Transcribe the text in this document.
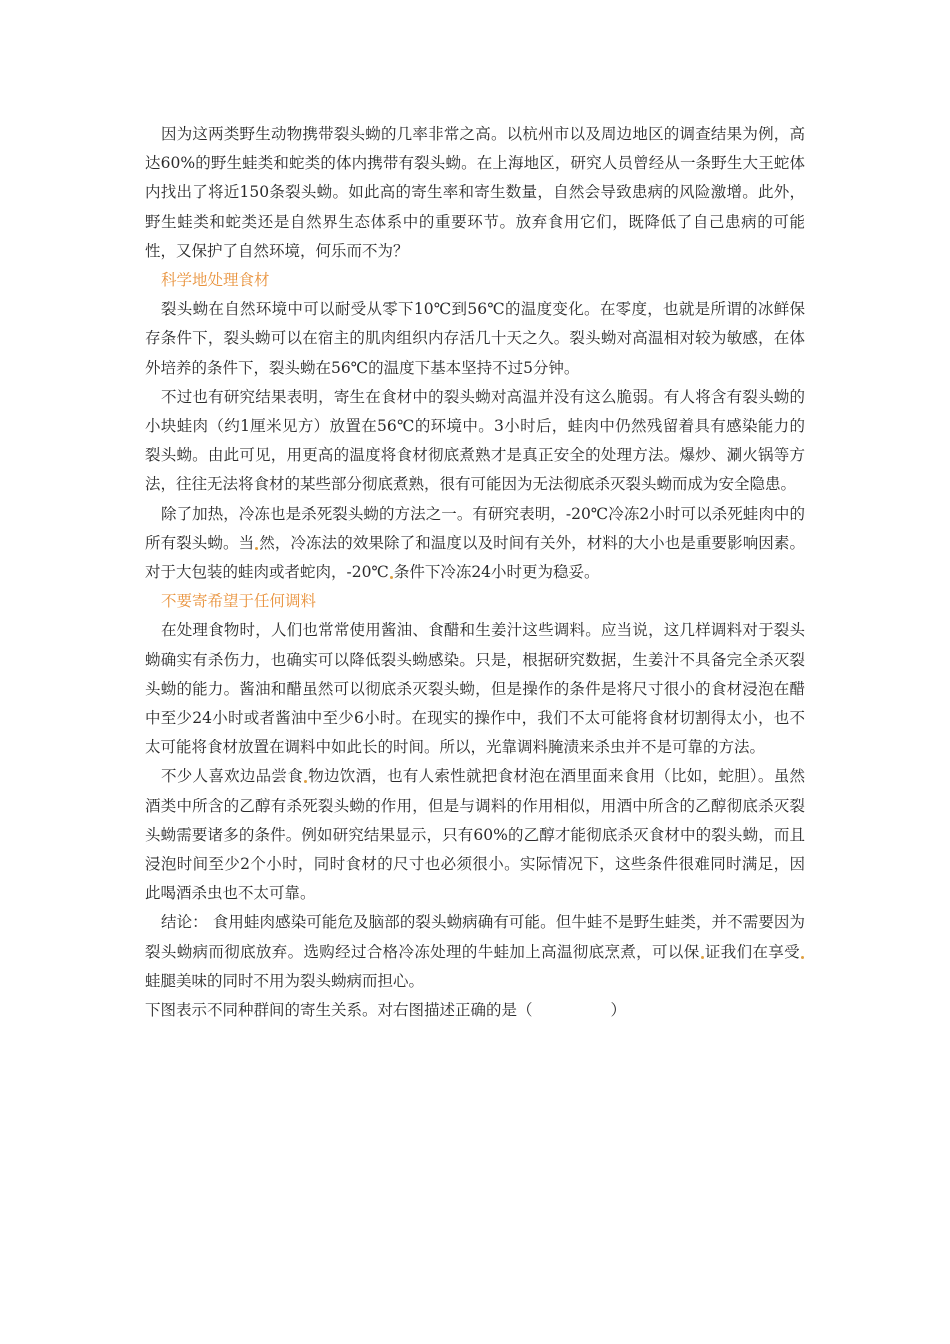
因为这两类野生动物携带裂头蚴的几率非常之高。以杭州市以及周边地区的调查结果为例，高达60%的野生蛙类和蛇类的体内携带有裂头蚴。在上海地区，研究人员曾经从一条野生大王蛇体内找出了将近150条裂头蚴。如此高的寄生率和寄生数量，自然会导致患病的风险激增。此外，野生蛙类和蛇类还是自然界生态体系中的重要环节。放弃食用它们，既降低了自己患病的可能性，又保护了自然环境，何乐而不为？

科学地处理食材

裂头蚴在自然环境中可以耐受从零下10℃到56℃的温度变化。在零度，也就是所谓的冰鲜保存条件下，裂头蚴可以在宿主的肌肉组织内存活几十天之久。裂头蚴对高温相对较为敏感，在体外培养的条件下，裂头蚴在56℃的温度下基本坚持不过5分钟。

不过也有研究结果表明，寄生在食材中的裂头蚴对高温并没有这么脆弱。有人将含有裂头蚴的小块蛙肉（约1厘米见方）放置在56℃的环境中。3小时后，蛙肉中仍然残留着具有感染能力的裂头蚴。由此可见，用更高的温度将食材彻底煮熟才是真正安全的处理方法。爆炒、涮火锅等方法，往往无法将食材的某些部分彻底煮熟，很有可能因为无法彻底杀灭裂头蚴而成为安全隐患。

除了加热，冷冻也是杀死裂头蚴的方法之一。有研究表明，-20℃冷冻2小时可以杀死蛙肉中的所有裂头蚴。当 然，冷冻法的效果除了和温度以及时间有关外，材料的大小也是重要影响因素。对于大包装的蛙肉或者蛇肉，-20℃ 条件下冷冻24小时更为稳妥。

不要寄希望于任何调料

在处理食物时，人们也常常使用酱油、食醋和生姜汁这些调料。应当说，这几样调料对于裂头蚴确实有杀伤力，也确实可以降低裂头蚴感染。只是，根据研究数据，生姜汁不具备完全杀灭裂头蚴的能力。酱油和醋虽然可以彻底杀灭裂头蚴，但是操作的条件是将尺寸很小的食材浸泡在醋中至少24小时或者酱油中至少6小时。在现实的操作中，我们不太可能将食材切割得太小，也不太可能将食材放置在调料中如此长的时间。所以，光靠调料腌渍来杀虫并不是可靠的方法。

不少人喜欢边品尝食 物边饮酒，也有人索性就把食材泡在酒里面来食用（比如，蛇胆）。虽然酒类中所含的乙醇有杀死裂头蚴的作用，但是与调料的作用相似，用酒中所含的乙醇彻底杀灭裂头蚴需要诸多的条件。例如研究结果显示，只有60%的乙醇才能彻底杀灭食材中的裂头蚴，而且浸泡时间至少2个小时，同时食材的尺寸也必须很小。实际情况下，这些条件很难同时满足，因此喝酒杀虫也不太可靠。

结论： 食用蛙肉感染可能危及脑部的裂头蚴病确有可能。但牛蛙不是野生蛙类，并不需要因为裂头蚴病而彻底放弃。选购经过合格冷冻处理的牛蛙加上高温彻底烹煮，可以保 证我们在享受蛙腿美味的同时不用为裂头蚴病而担心。

下图表示不同种群间的寄生关系。对右图描述正确的是（	）
